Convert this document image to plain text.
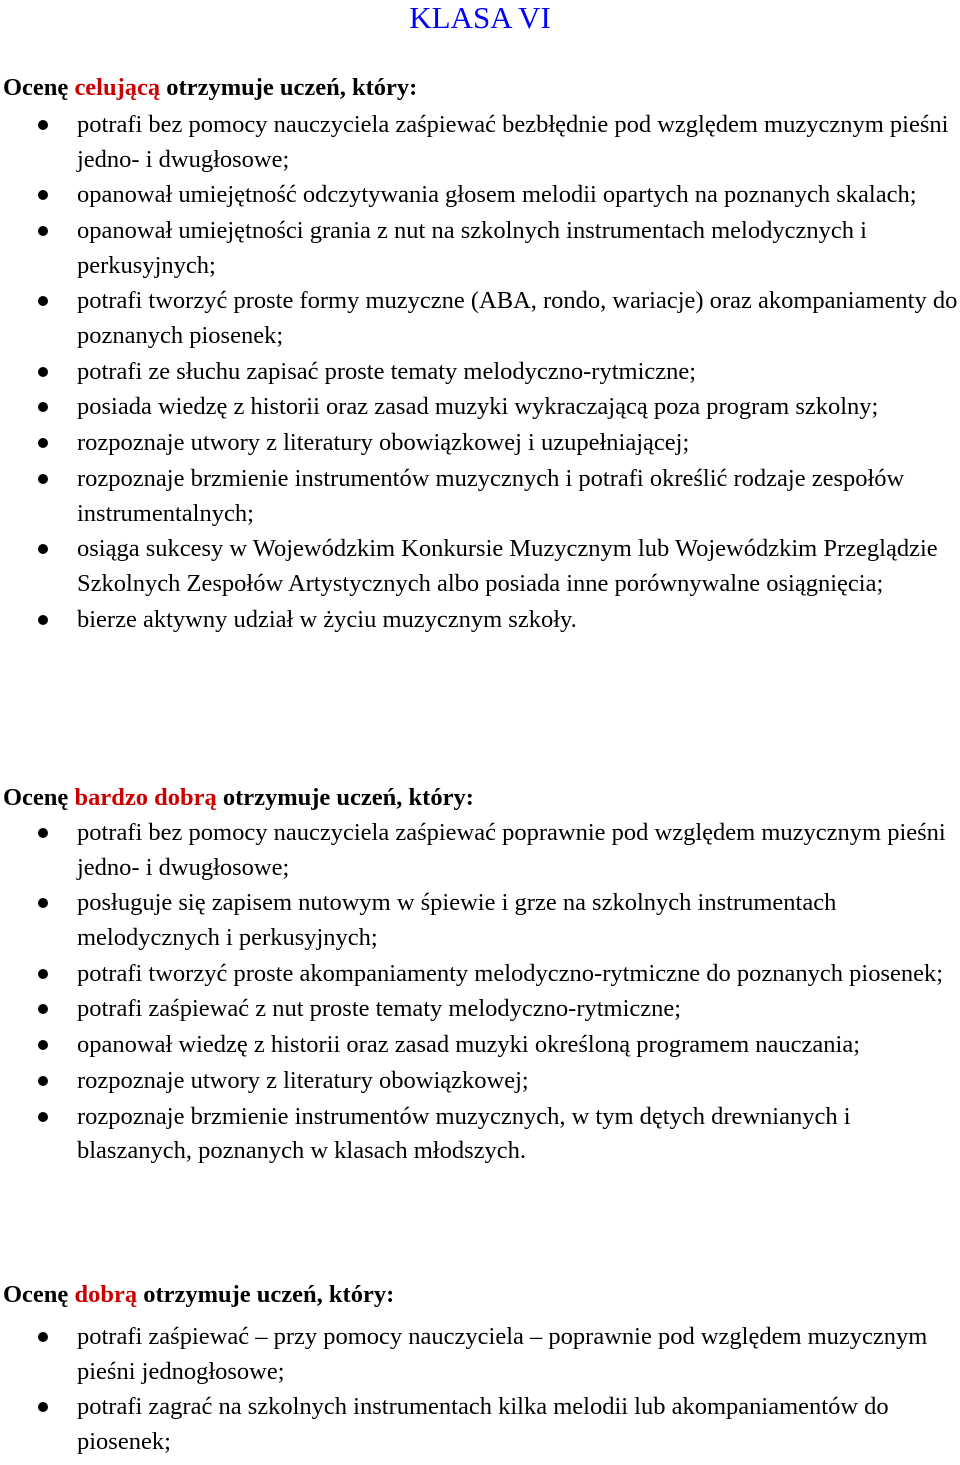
KLASA VI
Ocenę celującą otrzymuje uczeń, który:
potrafi bez pomocy nauczyciela zaśpiewać bezbłędnie pod względem muzycznym pieśni jedno- i dwugłosowe;
opanował umiejętność odczytywania głosem melodii opartych na poznanych skalach;
opanował umiejętności grania z nut na szkolnych instrumentach melodycznych i perkusyjnych;
potrafi tworzyć proste formy muzyczne (ABA, rondo, wariacje) oraz akompaniamenty do poznanych piosenek;
potrafi ze słuchu zapisać proste tematy melodyczno-rytmiczne;
posiada wiedzę z historii oraz zasad muzyki wykraczającą poza program szkolny;
rozpoznaje utwory z literatury obowiązkowej i uzupełniającej;
rozpoznaje brzmienie instrumentów muzycznych i potrafi określić rodzaje zespołów instrumentalnych;
osiąga sukcesy w Wojewódzkim Konkursie Muzycznym lub Wojewódzkim Przeglądzie Szkolnych Zespołów Artystycznych albo posiada inne porównywalne osiągnięcia;
bierze aktywny udział w życiu muzycznym szkoły.
Ocenę bardzo dobrą otrzymuje uczeń, który:
potrafi bez pomocy nauczyciela zaśpiewać poprawnie pod względem muzycznym pieśni jedno- i dwugłosowe;
posługuje się zapisem nutowym w śpiewie i grze na szkolnych instrumentach melodycznych i perkusyjnych;
potrafi tworzyć proste akompaniamenty melodyczno-rytmiczne do poznanych piosenek;
potrafi zaśpiewać z nut proste tematy melodyczno-rytmiczne;
opanował wiedzę z historii oraz zasad muzyki określoną programem nauczania;
rozpoznaje utwory z literatury obowiązkowej;
rozpoznaje brzmienie instrumentów muzycznych, w tym dętych drewnianych i blaszanych, poznanych w klasach młodszych.
Ocenę dobrą otrzymuje uczeń, który:
potrafi zaśpiewać – przy pomocy nauczyciela – poprawnie pod względem muzycznym pieśni jednogłosowe;
potrafi zagrać na szkolnych instrumentach kilka melodii lub akompaniamentów do piosenek;
